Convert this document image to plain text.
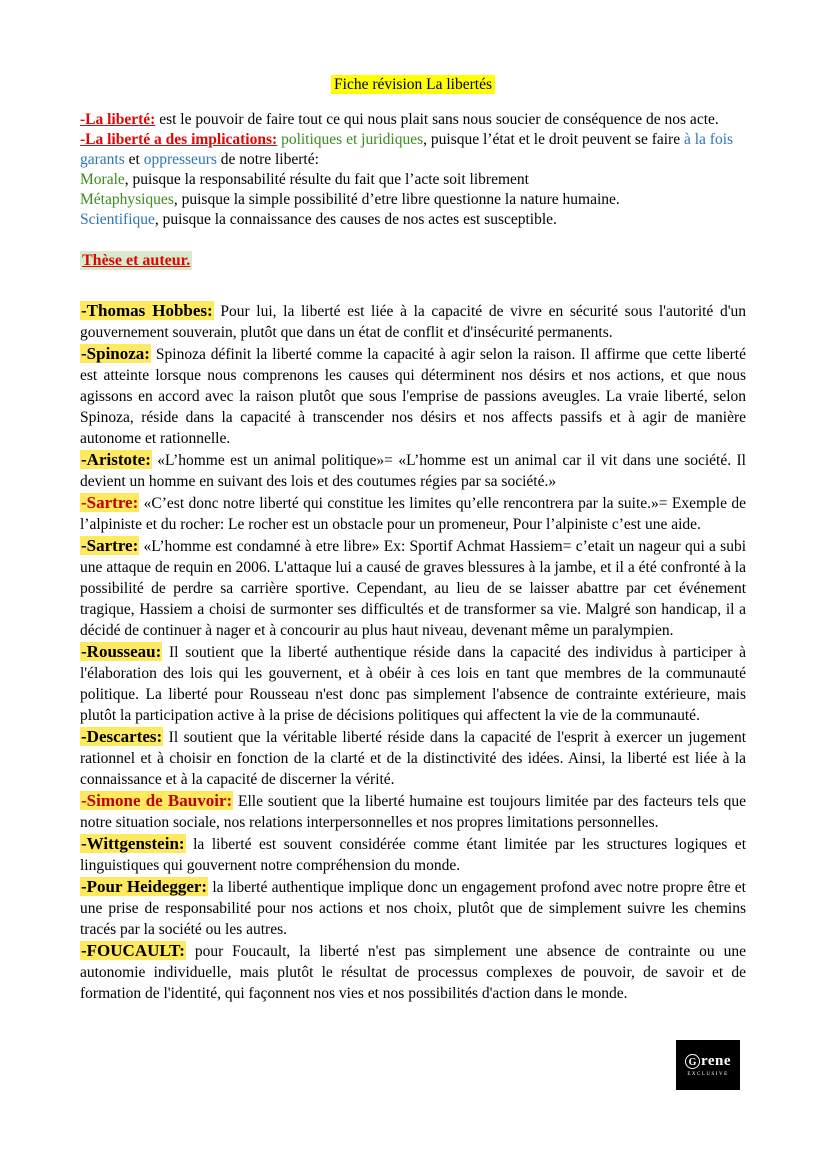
Fiche révision La libertés
-La liberté: est le pouvoir de faire tout ce qui nous plait sans nous soucier de conséquence de nos acte.
-La liberté a des implications: politiques et juridiques, puisque l’état et le droit peuvent se faire à la fois garants et oppresseurs de notre liberté:
Morale, puisque la responsabilité résulte du fait que l’acte soit librement
Métaphysiques, puisque la simple possibilité d’etre libre questionne la nature humaine.
Scientifique, puisque la connaissance des causes de nos actes est susceptible.
Thèse et auteur.
-Thomas Hobbes: Pour lui, la liberté est liée à la capacité de vivre en sécurité sous l'autorité d'un gouvernement souverain, plutôt que dans un état de conflit et d'insécurité permanents.
-Spinoza: Spinoza définit la liberté comme la capacité à agir selon la raison. Il affirme que cette liberté est atteinte lorsque nous comprenons les causes qui déterminent nos désirs et nos actions, et que nous agissons en accord avec la raison plutôt que sous l'emprise de passions aveugles. La vraie liberté, selon Spinoza, réside dans la capacité à transcender nos désirs et nos affects passifs et à agir de manière autonome et rationnelle.
-Aristote: «L’homme est un animal politique»= «L’homme est un animal car il vit dans une société. Il devient un homme en suivant des lois et des coutumes régies par sa société.»
-Sartre: «C’est donc notre liberté qui constitue les limites qu’elle rencontrera par la suite.»= Exemple de l’alpiniste et du rocher: Le rocher est un obstacle pour un promeneur, Pour l’alpiniste c’est une aide.
-Sartre: «L’homme est condamné à etre libre» Ex: Sportif Achmat Hassiem= c’etait un nageur qui a subi une attaque de requin en 2006. L'attaque lui a causé de graves blessures à la jambe, et il a été confronté à la possibilité de perdre sa carrière sportive. Cependant, au lieu de se laisser abattre par cet événement tragique, Hassiem a choisi de surmonter ses difficultés et de transformer sa vie. Malgré son handicap, il a décidé de continuer à nager et à concourir au plus haut niveau, devenant même un paralympien.
-Rousseau: Il soutient que la liberté authentique réside dans la capacité des individus à participer à l'élaboration des lois qui les gouvernent, et à obéir à ces lois en tant que membres de la communauté politique. La liberté pour Rousseau n'est donc pas simplement l'absence de contrainte extérieure, mais plutôt la participation active à la prise de décisions politiques qui affectent la vie de la communauté.
-Descartes: Il soutient que la véritable liberté réside dans la capacité de l'esprit à exercer un jugement rationnel et à choisir en fonction de la clarté et de la distinctivité des idées. Ainsi, la liberté est liée à la connaissance et à la capacité de discerner la vérité.
-Simone de Bauvoir: Elle soutient que la liberté humaine est toujours limitée par des facteurs tels que notre situation sociale, nos relations interpersonnelles et nos propres limitations personnelles.
-Wittgenstein: la liberté est souvent considérée comme étant limitée par les structures logiques et linguistiques qui gouvernent notre compréhension du monde.
-Pour Heidegger: la liberté authentique implique donc un engagement profond avec notre propre être et une prise de responsabilité pour nos actions et nos choix, plutôt que de simplement suivre les chemins tracés par la société ou les autres.
-FOUCAULT: pour Foucault, la liberté n'est pas simplement une absence de contrainte ou une autonomie individuelle, mais plutôt le résultat de processus complexes de pouvoir, de savoir et de formation de l'identité, qui façonnent nos vies et nos possibilités d'action dans le monde.
G rene
EXCLUSIVE
